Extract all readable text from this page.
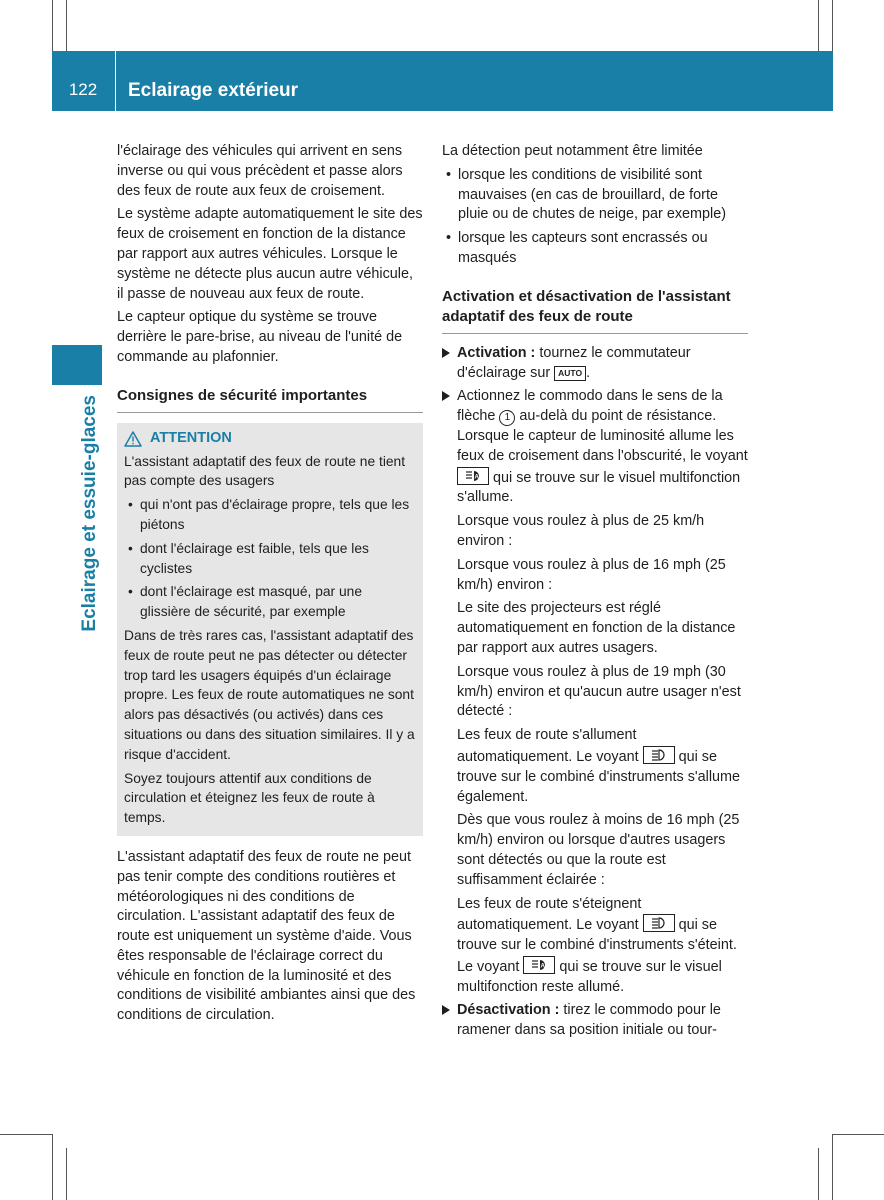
122	Eclairage extérieur
Eclairage et essuie-glaces

l'éclairage des véhicules qui arrivent en sens inverse ou qui vous précèdent et passe alors des feux de route aux feux de croisement.

Le système adapte automatiquement le site des feux de croisement en fonction de la distance par rapport aux autres véhicules. Lorsque le système ne détecte plus aucun autre véhicule, il passe de nouveau aux feux de route.

Le capteur optique du système se trouve derrière le pare-brise, au niveau de l'unité de commande au plafonnier.

Consignes de sécurité importantes
ATTENTION

L'assistant adaptatif des feux de route ne tient pas compte des usagers

• qui n'ont pas d'éclairage propre, tels que les piétons
• dont l'éclairage est faible, tels que les cyclistes
• dont l'éclairage est masqué, par une glissière de sécurité, par exemple

Dans de très rares cas, l'assistant adaptatif des feux de route peut ne pas détecter ou détecter trop tard les usagers équipés d'un éclairage propre. Les feux de route automatiques ne sont alors pas désactivés (ou activés) dans ces situations ou dans des situation similaires. Il y a risque d'accident.

Soyez toujours attentif aux conditions de circulation et éteignez les feux de route à temps.

L'assistant adaptatif des feux de route ne peut pas tenir compte des conditions routières et météorologiques ni des conditions de circulation. L'assistant adaptatif des feux de route est uniquement un système d'aide. Vous êtes responsable de l'éclairage correct du véhicule en fonction de la luminosité et des conditions de visibilité ambiantes ainsi que des conditions de circulation.

La détection peut notamment être limitée

• lorsque les conditions de visibilité sont mauvaises (en cas de brouillard, de forte pluie ou de chutes de neige, par exemple)
• lorsque les capteurs sont encrassés ou masqués
Activation et désactivation de l'assistant adaptatif des feux de route
Activation : tournez le commutateur d'éclairage sur AUTO .
Actionnez le commodo dans le sens de la flèche 1 au-delà du point de résistance. Lorsque le capteur de luminosité allume les feux de croisement dans l'obscurité, le voyant
A qui se trouve sur le visuel multifonction s'allume.
Lorsque vous roulez à plus de 25 km/h environ :
Lorsque vous roulez à plus de 16 mph (25 km/h) environ :
Le site des projecteurs est réglé automatiquement en fonction de la distance par rapport aux autres usagers.
Lorsque vous roulez à plus de 19 mph (30 km/h) environ et qu'aucun autre usager n'est détecté :
Les feux de route s'allument automatiquement. Le voyant
qui se trouve sur le combiné d'instruments s'allume également.
Dès que vous roulez à moins de 16 mph (25 km/h) environ ou lorsque d'autres usagers sont détectés ou que la route est suffisamment éclairée :
Les feux de route s'éteignent automatiquement. Le voyant
qui se trouve sur le combiné d'instruments s'éteint. Le voyant	A qui se trouve sur le visuel multifonction reste allumé.
Désactivation : tirez le commodo pour le ramener dans sa position initiale ou tour-
